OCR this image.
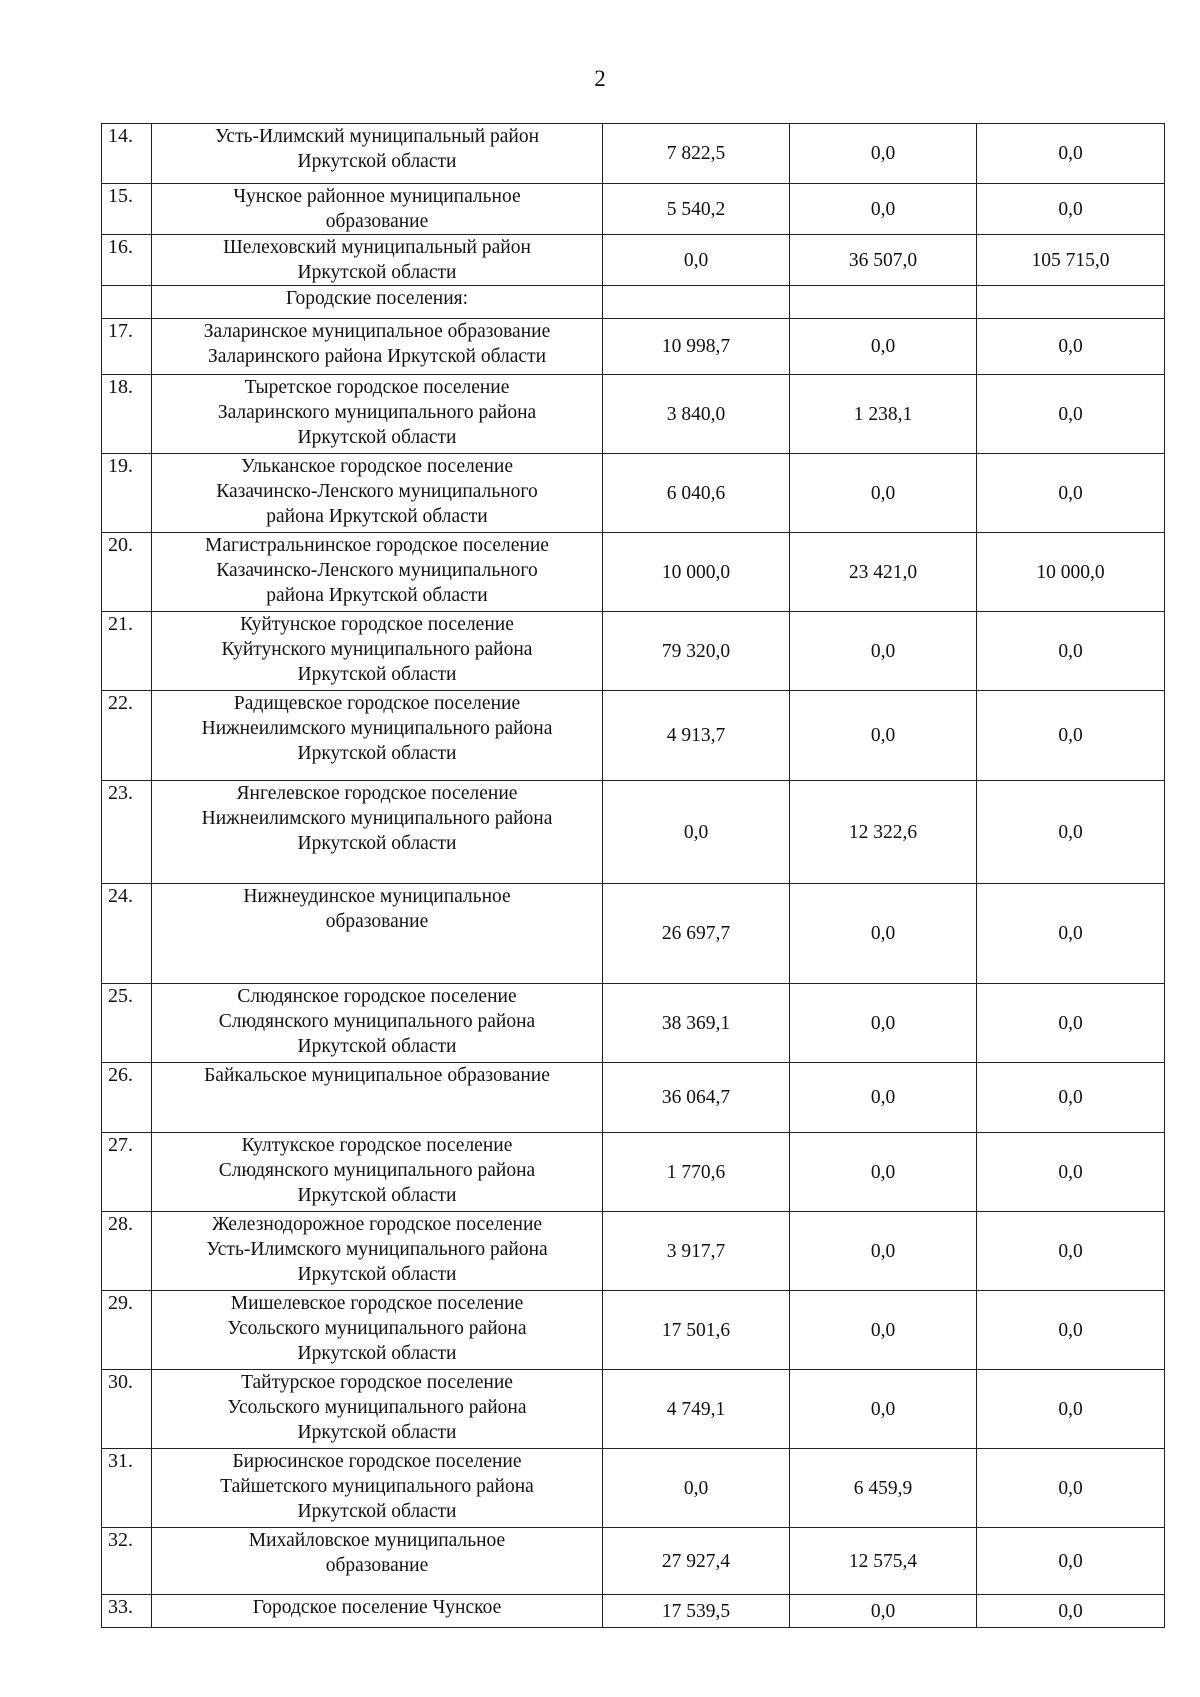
2
14.	Усть-Илимский муниципальный район
Иркутской области	7 822,5	0,0	0,0
15.	Чунское районное муниципальное
образование	5 540,2	0,0	0,0
16.	Шелеховский муниципальный район
Иркутской области	0,0	36 507,0	105 715,0

	Городские поселения:			

17.	Заларинское муниципальное образование
Заларинского района Иркутской области	10 998,7	0,0	0,0
18.	Тыретское городское поселение
Заларинского муниципального района
Иркутской области	3 840,0	1 238,1	0,0
19.	Ульканское городское поселение
Казачинско-Ленского муниципального
района Иркутской области	6 040,6	0,0	0,0
20.	Магистральнинское городское поселение
Казачинско-Ленского муниципального
района Иркутской области	10 000,0	23 421,0	10 000,0
21.	Куйтунское городское поселение
Куйтунского муниципального района
Иркутской области	79 320,0	0,0	0,0
22.	Радищевское городское поселение
Нижнеилимского муниципального района
Иркутской области	4 913,7	0,0	0,0
23.	Янгелевское городское поселение
Нижнеилимского муниципального района
Иркутской области	0,0	12 322,6	0,0
24.	Нижнеудинское муниципальное
образование	26 697,7	0,0	0,0
25.	Слюдянское городское поселение
Слюдянского муниципального района
Иркутской области	38 369,1	0,0	0,0
26.	Байкальское муниципальное образование	36 064,7	0,0	0,0
27.	Култукское городское поселение
Слюдянского муниципального района
Иркутской области	1 770,6	0,0	0,0
28.	Железнодорожное городское поселение
Усть-Илимского муниципального района
Иркутской области	3 917,7	0,0	0,0
29.	Мишелевское городское поселение
Усольского муниципального района
Иркутской области	17 501,6	0,0	0,0
30.	Тайтурское городское поселение
Усольского муниципального района
Иркутской области	4 749,1	0,0	0,0
31.	Бирюсинское городское поселение
Тайшетского муниципального района
Иркутской области	0,0	6 459,9	0,0
32.	Михайловское муниципальное
образование	27 927,4	12 575,4	0,0
33.	Городское поселение Чунское	17 539,5	0,0	0,0
